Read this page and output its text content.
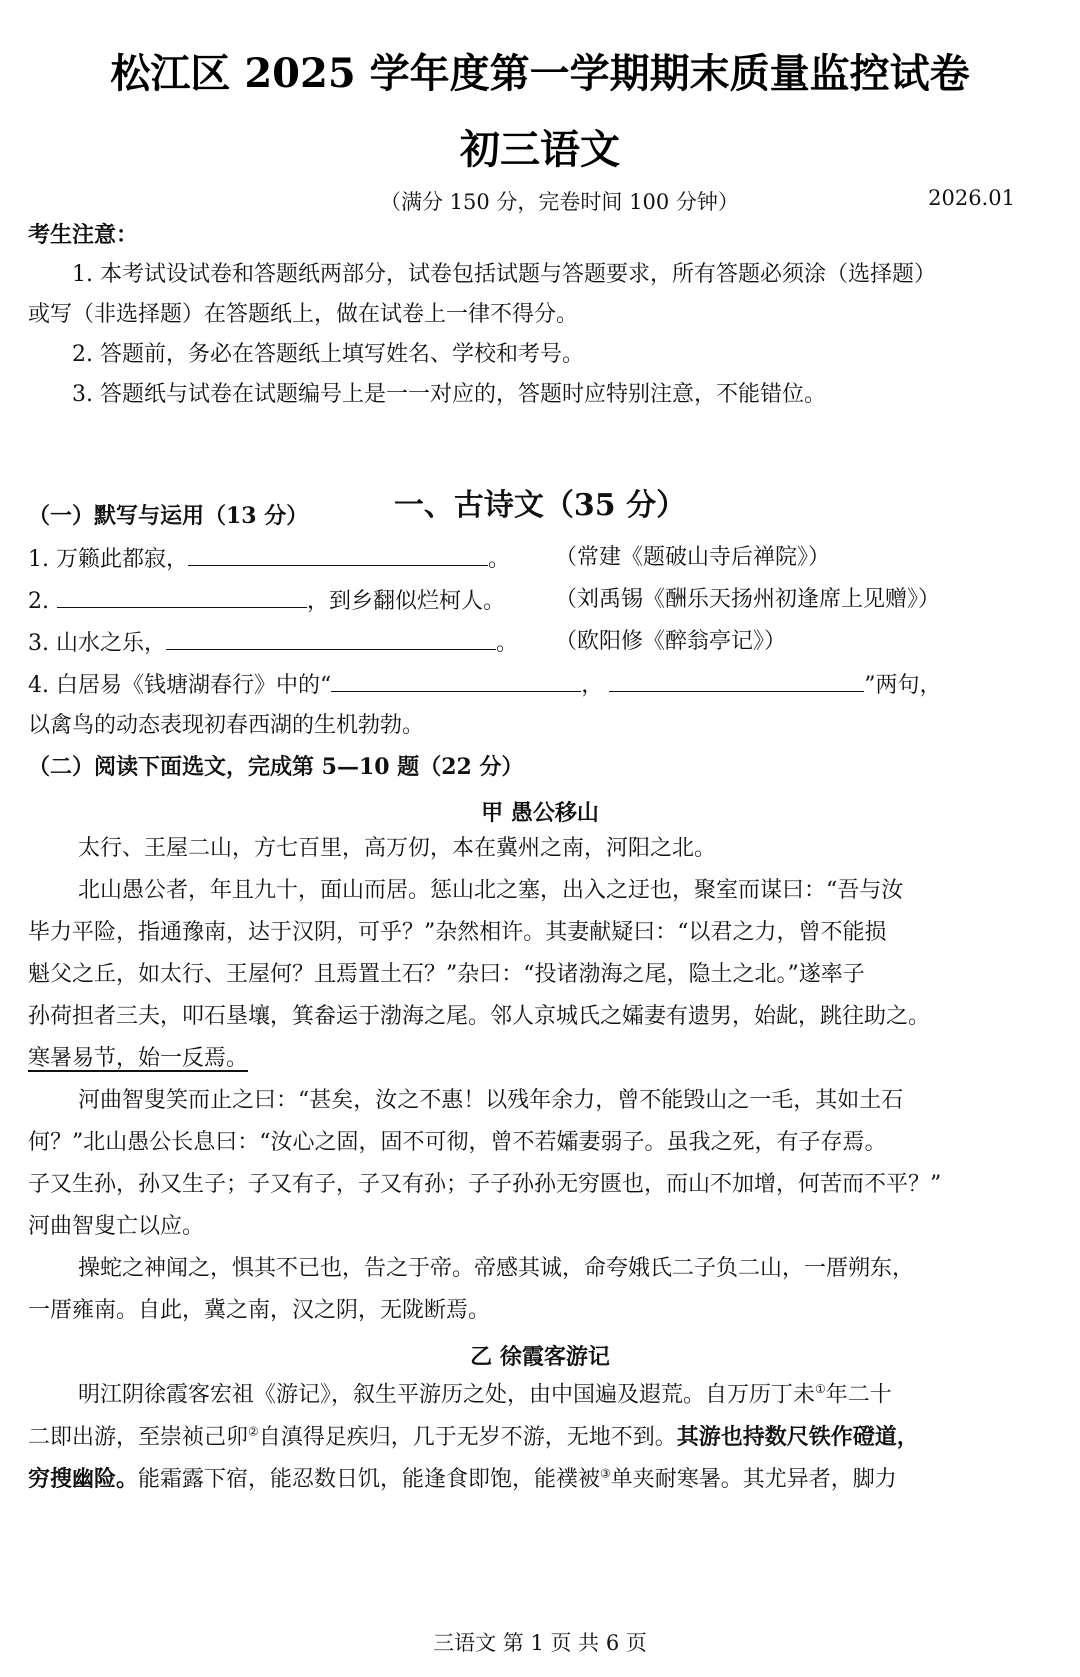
松江区 2025 学年度第一学期期末质量监控试卷
初三语文
（满分 150 分，完卷时间 100 分钟）	2026.01
考生注意：
1. 本考试设试卷和答题纸两部分，试卷包括试题与答题要求，所有答题必须涂（选择题）
或写（非选择题）在答题纸上，做在试卷上一律不得分。
2. 答题前，务必在答题纸上填写姓名、学校和考号。
3. 答题纸与试卷在试题编号上是一一对应的，答题时应特别注意，不能错位。
一、古诗文（35 分）
（一）默写与运用（13 分）
1. 万籁此都寂，	。 （常建《题破山寺后禅院》）
2.	，到乡翻似烂柯人。 （刘禹锡《酬乐天扬州初逢席上见赠》）
3. 山水之乐，	。 （欧阳修《醉翁亭记》）
4. 白居易《钱塘湖春行》中的“	，	”两句，
以禽鸟的动态表现初春西湖的生机勃勃。
（二）阅读下面选文，完成第 5—10 题（22 分）
甲 愚公移山
太行、王屋二山，方七百里，高万仞，本在冀州之南，河阳之北。
北山愚公者，年且九十，面山而居。惩山北之塞，出入之迂也，聚室而谋曰：“吾与汝
毕力平险，指通豫南，达于汉阴，可乎？”杂然相许。其妻献疑曰：“以君之力，曾不能损
魁父之丘，如太行、王屋何？且焉置土石？”杂曰：“投诸渤海之尾，隐土之北。”遂率子
孙荷担者三夫，叩石垦壤，箕畚运于渤海之尾。邻人京城氏之孀妻有遗男，始龀，跳往助之。
寒暑易节，始一反焉。
河曲智叟笑而止之曰：“甚矣，汝之不惠！以残年余力，曾不能毁山之一毛，其如土石
何？”北山愚公长息曰：“汝心之固，固不可彻，曾不若孀妻弱子。虽我之死，有子存焉。
子又生孙，孙又生子；子又有子，子又有孙；子子孙孙无穷匮也，而山不加增，何苦而不平？”
河曲智叟亡以应。
操蛇之神闻之，惧其不已也，告之于帝。帝感其诚，命夸娥氏二子负二山，一厝朔东，
一厝雍南。自此，冀之南，汉之阴，无陇断焉。
乙 徐霞客游记
明江阴徐霞客宏祖《游记》，叙生平游历之处，由中国遍及遐荒。自万历丁未①年二十
二即出游，至崇祯己卯②自滇得足疾归，几于无岁不游，无地不到。其游也持数尺铁作磴道，
穷搜幽险。能霜露下宿，能忍数日饥，能逢食即饱，能襆被③单夹耐寒暑。其尤异者，脚力
三语文 第 1 页 共 6 页
